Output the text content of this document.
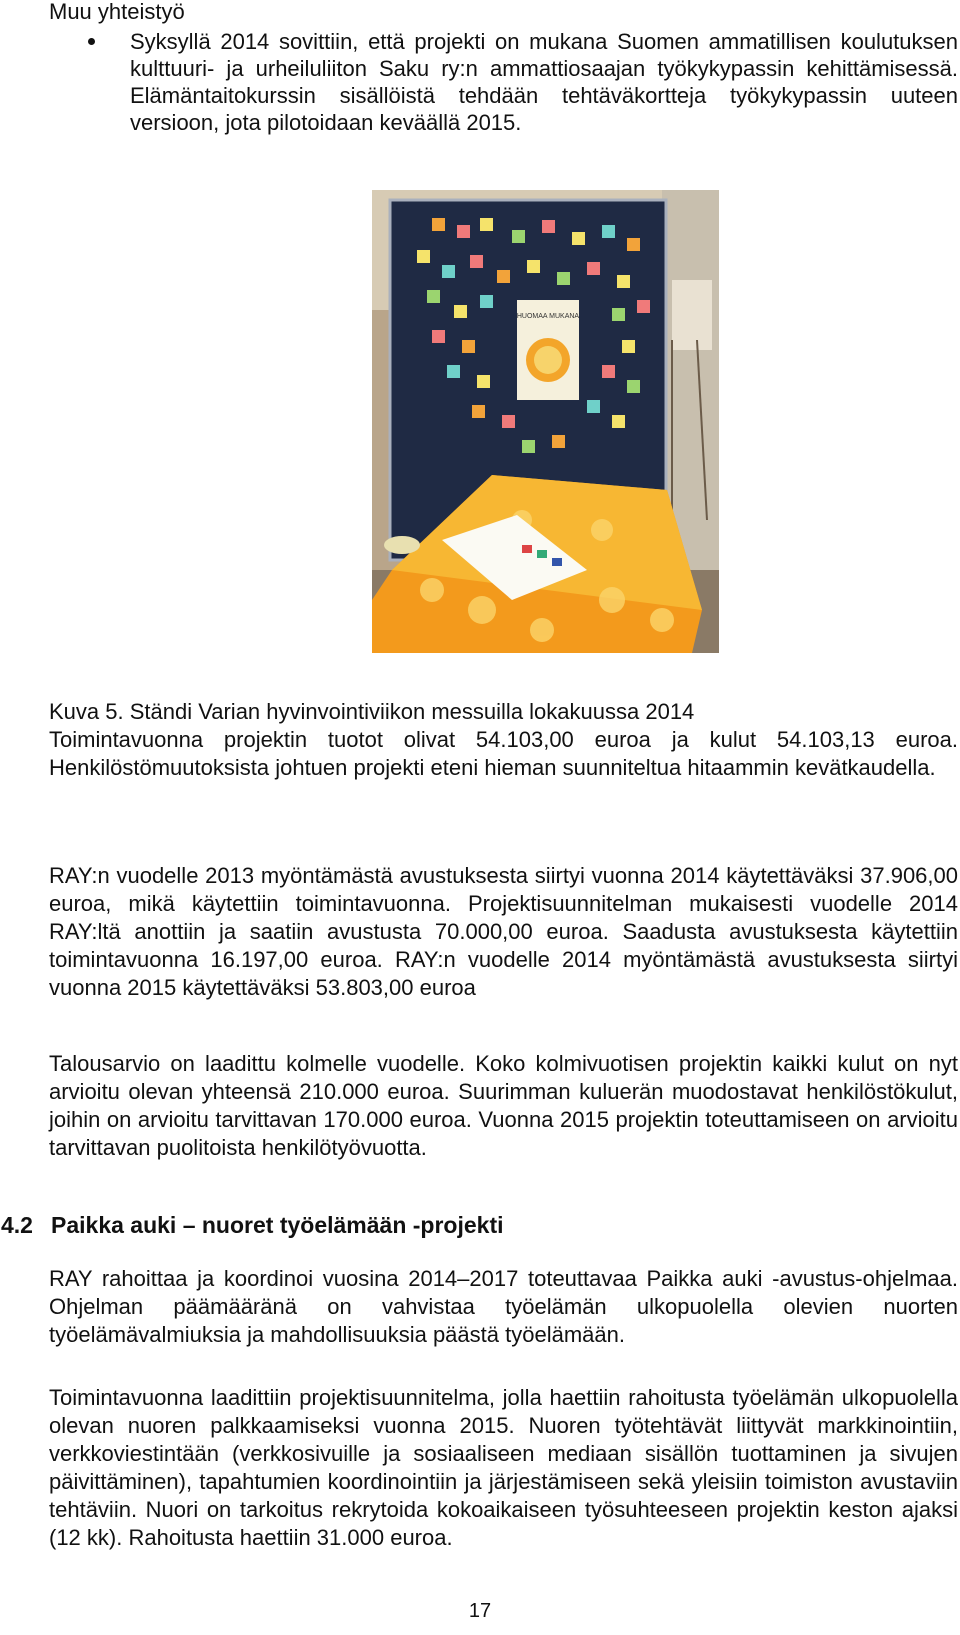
Muu yhteistyö
Syksyllä 2014 sovittiin, että projekti on mukana Suomen ammatillisen koulutuksen kulttuuri- ja urheiluliiton Saku ry:n ammattiosaajan työkykypassin kehittämisessä. Elämäntaitokurssin sisällöistä tehdään tehtäväkortteja työkykypassin uuteen versioon, jota pilotoidaan keväällä 2015.
HUOMAA MUKANA
Kuva 5. Ständi Varian hyvinvointiviikon messuilla lokakuussa 2014
Toimintavuonna projektin tuotot olivat 54.103,00 euroa ja kulut 54.103,13 euroa. Henkilöstömuutoksista johtuen projekti eteni hieman suunniteltua hitaammin kevätkaudella.
RAY:n vuodelle 2013 myöntämästä avustuksesta siirtyi vuonna 2014 käytettäväksi 37.906,00 euroa, mikä käytettiin toimintavuonna. Projektisuunnitelman mukaisesti vuodelle 2014 RAY:ltä anottiin ja saatiin avustusta 70.000,00 euroa. Saadusta avustuksesta käytettiin toimintavuonna 16.197,00 euroa. RAY:n vuodelle 2014 myöntämästä avustuksesta siirtyi vuonna 2015 käytettäväksi 53.803,00 euroa
Talousarvio on laadittu kolmelle vuodelle. Koko kolmivuotisen projektin kaikki kulut on nyt arvioitu olevan yhteensä 210.000 euroa. Suurimman kuluerän muodostavat henkilöstökulut, joihin on arvioitu tarvittavan 170.000 euroa. Vuonna 2015 projektin toteuttamiseen on arvioitu tarvittavan puolitoista henkilötyövuotta.
4.2 Paikka auki – nuoret työelämään -projekti
RAY rahoittaa ja koordinoi vuosina 2014–2017 toteuttavaa Paikka auki -avustus-ohjelmaa. Ohjelman päämääränä on vahvistaa työelämän ulkopuolella olevien nuorten työelämävalmiuksia ja mahdollisuuksia päästä työelämään.
Toimintavuonna laadittiin projektisuunnitelma, jolla haettiin rahoitusta työelämän ulkopuolella olevan nuoren palkkaamiseksi vuonna 2015. Nuoren työtehtävät liittyvät markkinointiin, verkkoviestintään (verkkosivuille ja sosiaaliseen mediaan sisällön tuottaminen ja sivujen päivittäminen), tapahtumien koordinointiin ja järjestämiseen sekä yleisiin toimiston avustaviin tehtäviin. Nuori on tarkoitus rekrytoida kokoaikaiseen työsuhteeseen projektin keston ajaksi (12 kk). Rahoitusta haettiin 31.000 euroa.
17
